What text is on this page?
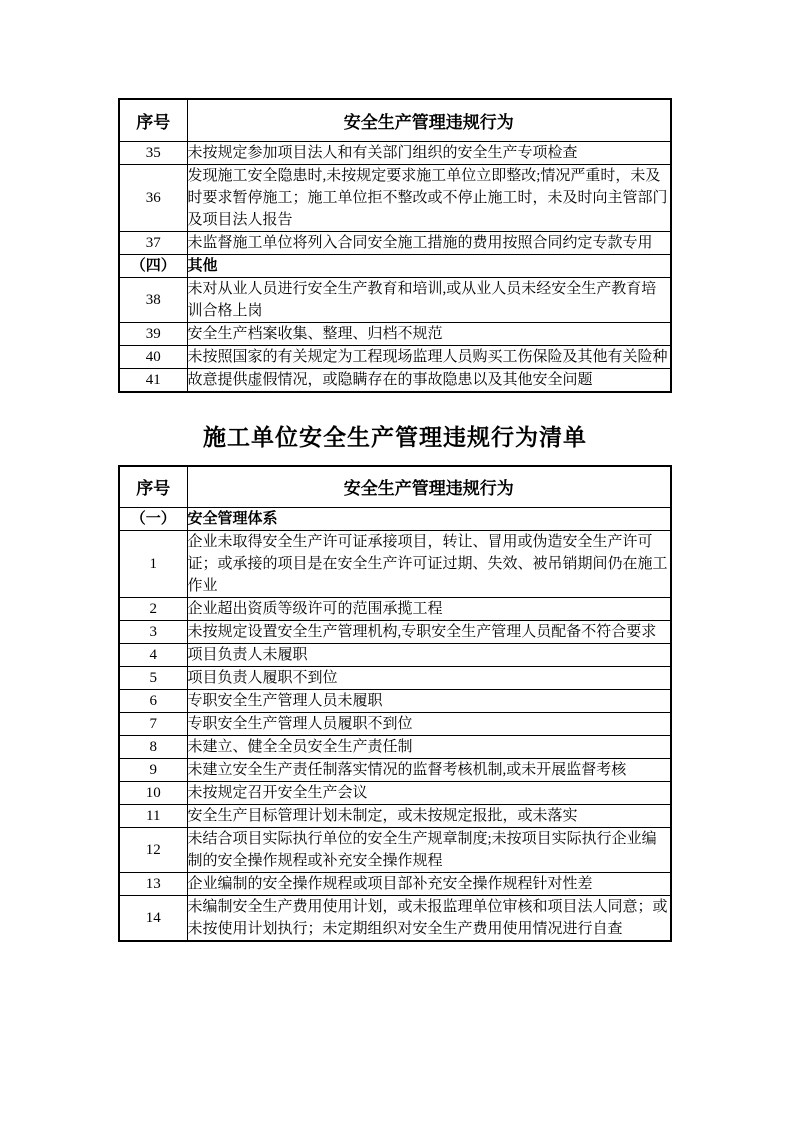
序号	安全生产管理违规行为
35	未按规定参加项目法人和有关部门组织的安全生产专项检查
36	发现施工安全隐患时,未按规定要求施工单位立即整改;情况严重时，未及时要求暂停施工；施工单位拒不整改或不停止施工时，未及时向主管部门及项目法人报告
37	未监督施工单位将列入合同安全施工措施的费用按照合同约定专款专用
（四）	其他
38	未对从业人员进行安全生产教育和培训,或从业人员未经安全生产教育培训合格上岗
39	安全生产档案收集、整理、归档不规范
40	未按照国家的有关规定为工程现场监理人员购买工伤保险及其他有关险种
41	故意提供虚假情况，或隐瞒存在的事故隐患以及其他安全问题
施工单位安全生产管理违规行为清单
序号	安全生产管理违规行为
（一）	安全管理体系
1	企业未取得安全生产许可证承接项目，转让、冒用或伪造安全生产许可证；或承接的项目是在安全生产许可证过期、失效、被吊销期间仍在施工作业
2	企业超出资质等级许可的范围承揽工程
3	未按规定设置安全生产管理机构,专职安全生产管理人员配备不符合要求
4	项目负责人未履职
5	项目负责人履职不到位
6	专职安全生产管理人员未履职
7	专职安全生产管理人员履职不到位
8	未建立、健全全员安全生产责任制
9	未建立安全生产责任制落实情况的监督考核机制,或未开展监督考核
10	未按规定召开安全生产会议
11	安全生产目标管理计划未制定，或未按规定报批，或未落实
12	未结合项目实际执行单位的安全生产规章制度;未按项目实际执行企业编制的安全操作规程或补充安全操作规程
13	企业编制的安全操作规程或项目部补充安全操作规程针对性差
14	未编制安全生产费用使用计划，或未报监理单位审核和项目法人同意；或未按使用计划执行；未定期组织对安全生产费用使用情况进行自查
